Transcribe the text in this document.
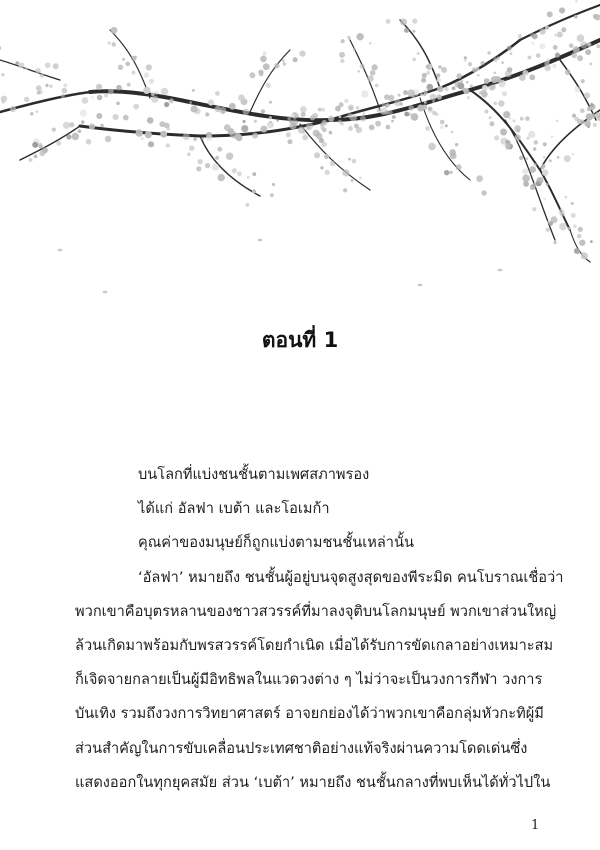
ตอนที่ 1

บนโลกที่แบ่งชนชั้นตามเพศสภาพรอง

ได้แก่ อัลฟา เบต้า และโอเมก้า

คุณค่าของมนุษย์ก็ถูกแบ่งตามชนชั้นเหล่านั้น

‘อัลฟา’ หมายถึง ชนชั้นผู้อยู่บนจุดสูงสุดของพีระมิด คนโบราณเชื่อว่า

พวกเขาคือบุตรหลานของชาวสวรรค์ที่มาลงจุติบนโลกมนุษย์ พวกเขาส่วนใหญ่

ล้วนเกิดมาพร้อมกับพรสวรรค์โดยกำเนิด เมื่อได้รับการขัดเกลาอย่างเหมาะสม

ก็เจิดจายกลายเป็นผู้มีอิทธิพลในแวดวงต่าง ๆ ไม่ว่าจะเป็นวงการกีฬา วงการ

บันเทิง รวมถึงวงการวิทยาศาสตร์ อาจยกย่องได้ว่าพวกเขาคือกลุ่มหัวกะทิผู้มี

ส่วนสำคัญในการขับเคลื่อนประเทศชาติอย่างแท้จริงผ่านความโดดเด่นซึ่ง

แสดงออกในทุกยุคสมัย ส่วน ‘เบต้า’ หมายถึง ชนชั้นกลางที่พบเห็นได้ทั่วไปใน

1
